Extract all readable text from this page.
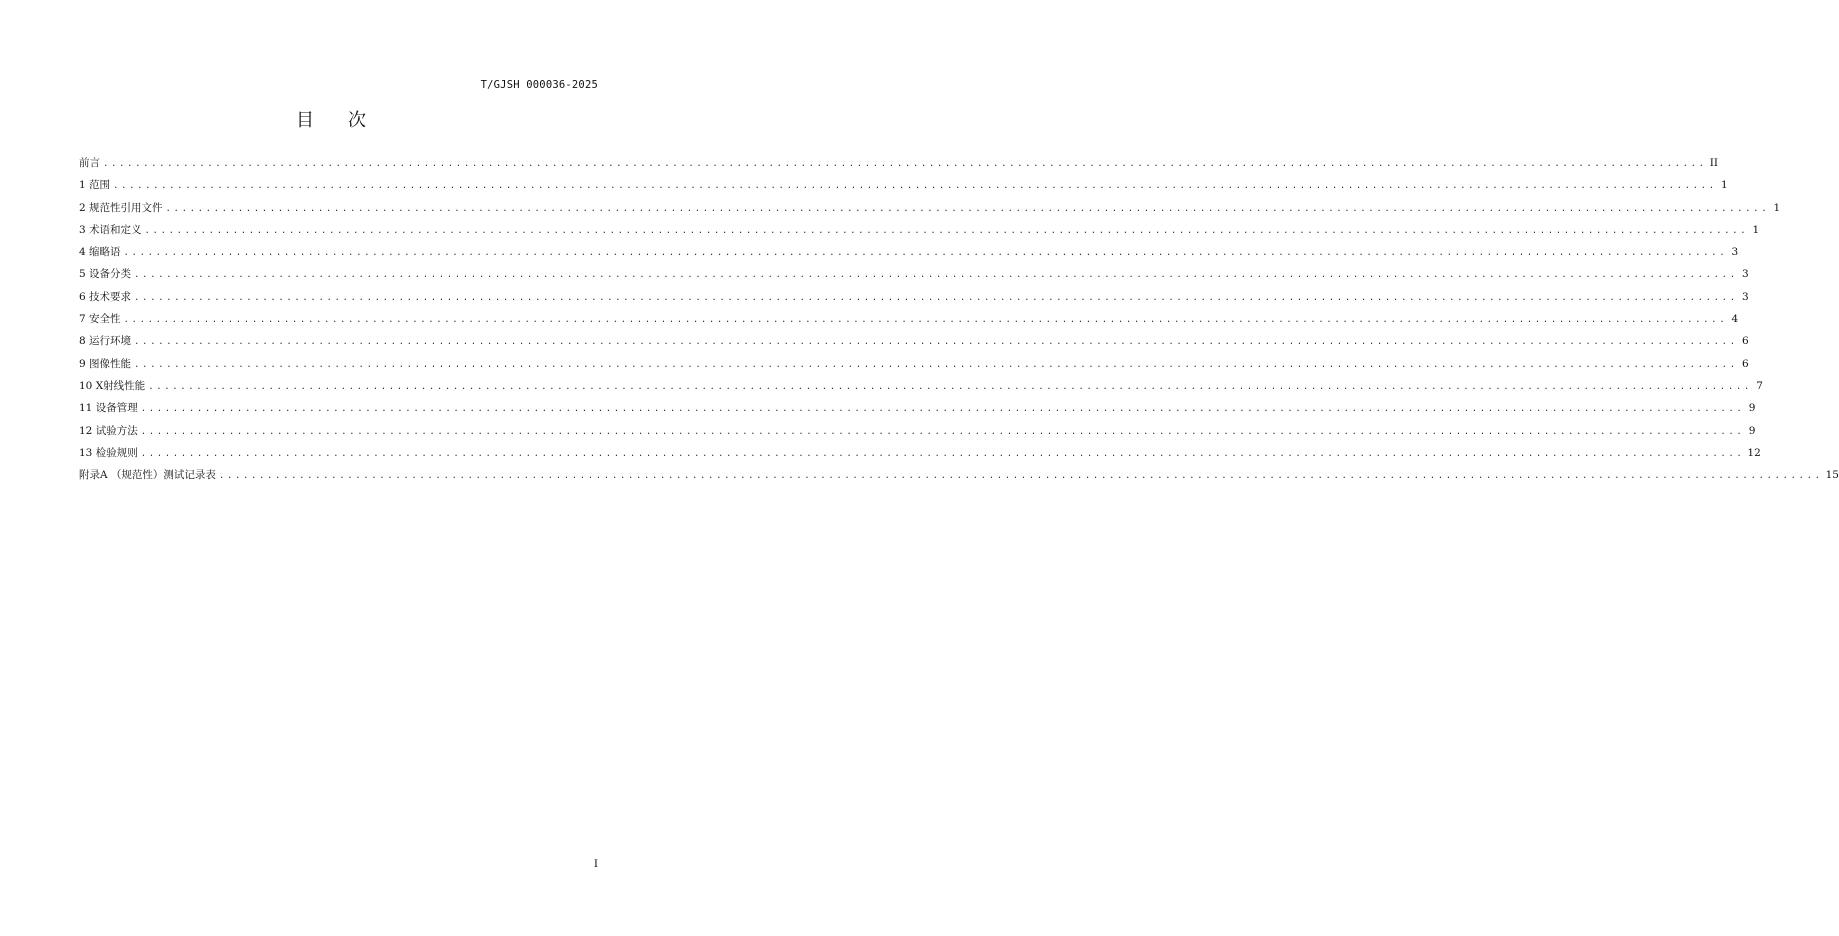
T/GJSH 000036-2025
目次
前言 ........................................................................................................................................................................................................ II
1 范围 ........................................................................................................................................................................................................ 1
2 规范性引用文件 ........................................................................................................................................................................................................ 1
3 术语和定义 ........................................................................................................................................................................................................ 1
4 缩略语 ........................................................................................................................................................................................................ 3
5 设备分类 ........................................................................................................................................................................................................ 3
6 技术要求 ........................................................................................................................................................................................................ 3
7 安全性 ........................................................................................................................................................................................................ 4
8 运行环境 ........................................................................................................................................................................................................ 6
9 图像性能 ........................................................................................................................................................................................................ 6
10 X射线性能 ........................................................................................................................................................................................................ 7
11 设备管理 ........................................................................................................................................................................................................ 9
12 试验方法 ........................................................................................................................................................................................................ 9
13 检验规则 ........................................................................................................................................................................................................ 12
附录A （规范性）测试记录表 ........................................................................................................................................................................................................ 15
I
